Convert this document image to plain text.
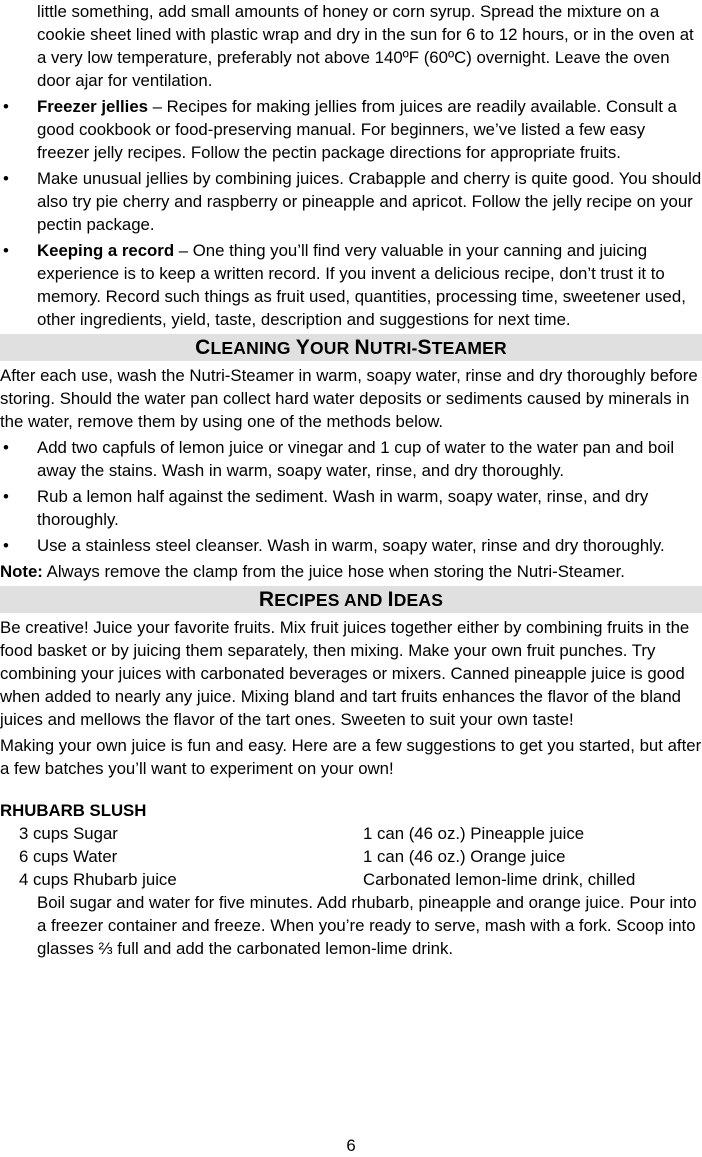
little something, add small amounts of honey or corn syrup. Spread the mixture on a cookie sheet lined with plastic wrap and dry in the sun for 6 to 12 hours, or in the oven at a very low temperature, preferably not above 140ºF (60ºC) overnight. Leave the oven door ajar for ventilation.
• Freezer jellies – Recipes for making jellies from juices are readily available. Consult a good cookbook or food-preserving manual. For beginners, we’ve listed a few easy freezer jelly recipes. Follow the pectin package directions for appropriate fruits.
• Make unusual jellies by combining juices. Crabapple and cherry is quite good. You should also try pie cherry and raspberry or pineapple and apricot. Follow the jelly recipe on your pectin package.
• Keeping a record – One thing you’ll find very valuable in your canning and juicing experience is to keep a written record. If you invent a delicious recipe, don’t trust it to memory. Record such things as fruit used, quantities, processing time, sweetener used, other ingredients, yield, taste, description and suggestions for next time.
CLEANING YOUR NUTRI-STEAMER
After each use, wash the Nutri-Steamer in warm, soapy water, rinse and dry thoroughly before storing. Should the water pan collect hard water deposits or sediments caused by minerals in the water, remove them by using one of the methods below.
• Add two capfuls of lemon juice or vinegar and 1 cup of water to the water pan and boil away the stains. Wash in warm, soapy water, rinse, and dry thoroughly.
• Rub a lemon half against the sediment. Wash in warm, soapy water, rinse, and dry thoroughly.
• Use a stainless steel cleanser. Wash in warm, soapy water, rinse and dry thoroughly.
Note: Always remove the clamp from the juice hose when storing the Nutri-Steamer.
RECIPES AND IDEAS
Be creative! Juice your favorite fruits. Mix fruit juices together either by combining fruits in the food basket or by juicing them separately, then mixing. Make your own fruit punches. Try combining your juices with carbonated beverages or mixers. Canned pineapple juice is good when added to nearly any juice. Mixing bland and tart fruits enhances the flavor of the bland juices and mellows the flavor of the tart ones. Sweeten to suit your own taste!
Making your own juice is fun and easy. Here are a few suggestions to get you started, but after a few batches you’ll want to experiment on your own!
RHUBARB SLUSH
3 cups Sugar	1 can (46 oz.) Pineapple juice
6 cups Water	1 can (46 oz.) Orange juice
4 cups Rhubarb juice	Carbonated lemon-lime drink, chilled
Boil sugar and water for five minutes. Add rhubarb, pineapple and orange juice. Pour into a freezer container and freeze. When you’re ready to serve, mash with a fork. Scoop into glasses ⅔ full and add the carbonated lemon-lime drink.
6
